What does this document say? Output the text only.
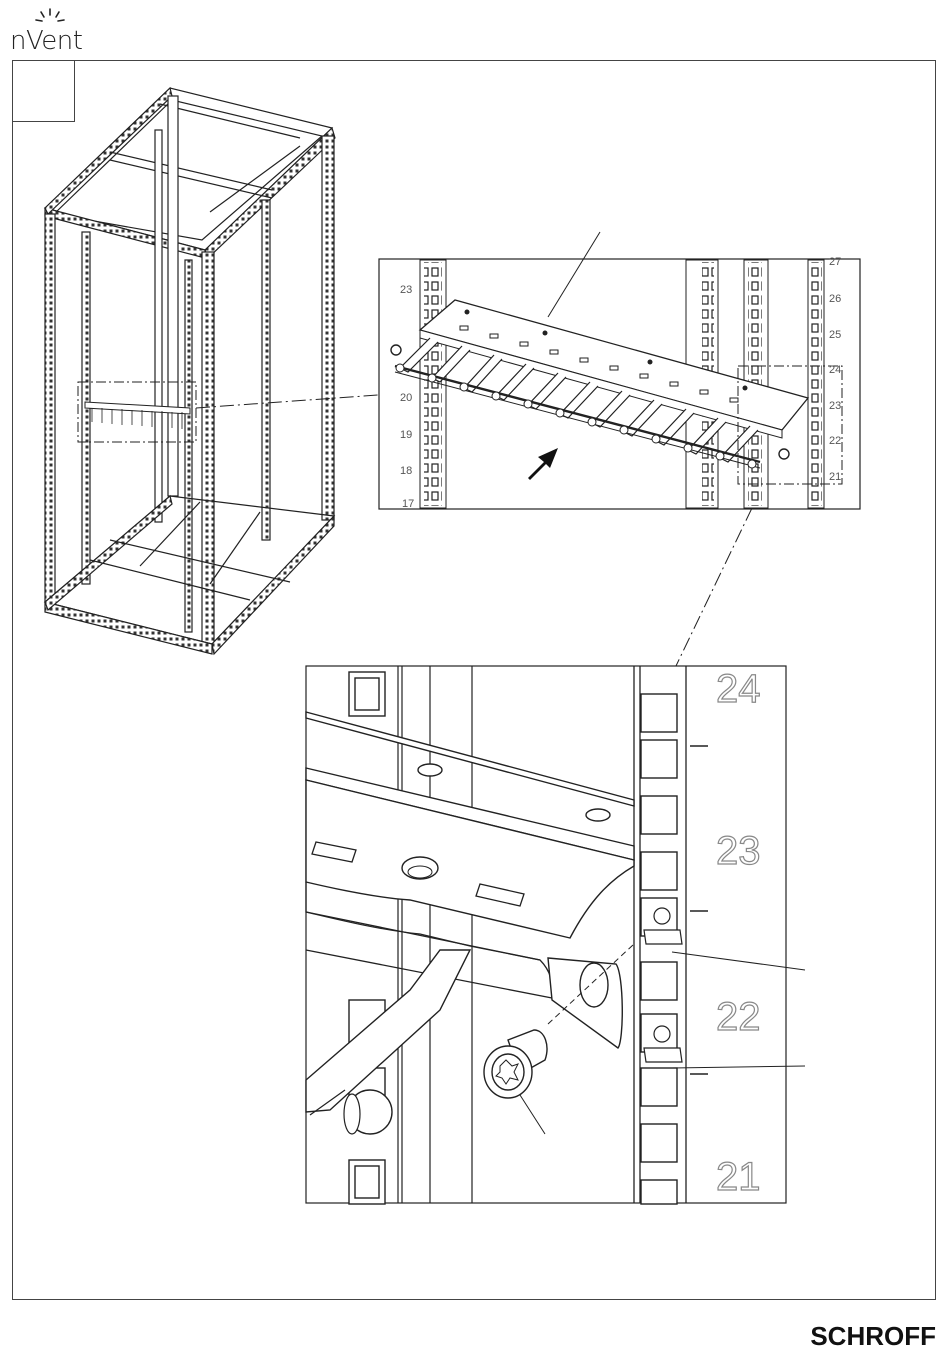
nVent
23
20
19
18
17
27
26
25
24
23
22
21
24
23
22
21
SCHROFF
